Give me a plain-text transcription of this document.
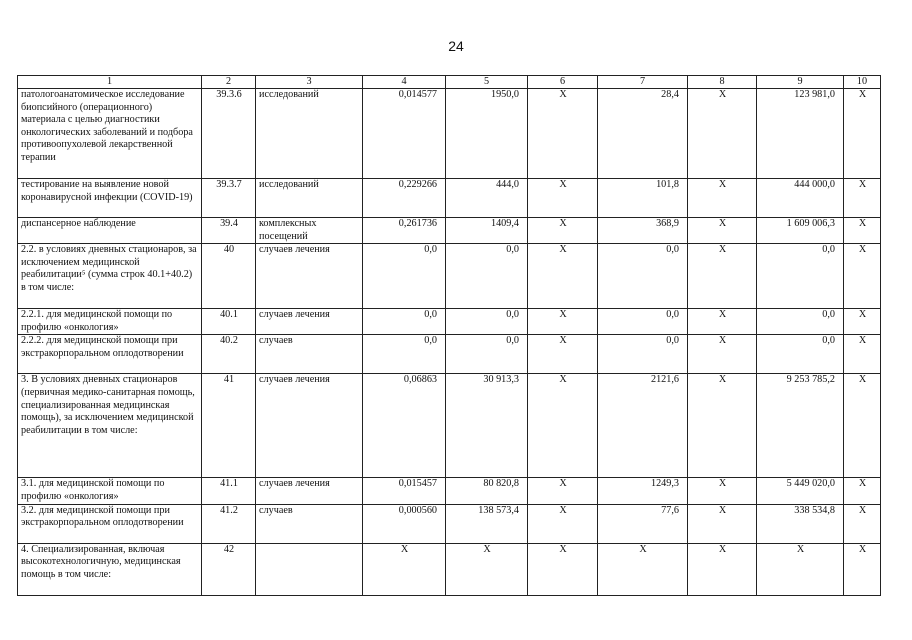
24
1	2	3	4	5	6	7	8	9	10
патологоанатомическое исследование биопсийного (операционного) материала с целью диагностики онкологических заболеваний и подбора противоопухолевой лекарственной терапии	39.3.6	исследований	0,014577	1950,0	X	28,4	X	123 981,0	X
тестирование на выявление новой коронавирусной инфекции (COVID-19)	39.3.7	исследований	0,229266	444,0	X	101,8	X	444 000,0	X
диспансерное наблюдение	39.4	комплексных посещений	0,261736	1409,4	X	368,9	X	1 609 006,3	X
2.2. в условиях дневных стационаров, за исключением медицинской реабилитации⁵ (сумма строк 40.1+40.2) в том числе:	40	случаев лечения	0,0	0,0	X	0,0	X	0,0	X
2.2.1. для медицинской помощи по профилю «онкология»	40.1	случаев лечения	0,0	0,0	X	0,0	X	0,0	X
2.2.2. для медицинской помощи при экстракорпоральном оплодотворении	40.2	случаев	0,0	0,0	X	0,0	X	0,0	X
3. В условиях дневных стационаров (первичная медико-санитарная помощь, специализированная медицинская помощь), за исключением медицинской реабилитации в том числе:	41	случаев лечения	0,06863	30 913,3	X	2121,6	X	9 253 785,2	X
3.1. для медицинской помощи по профилю «онкология»	41.1	случаев лечения	0,015457	80 820,8	X	1249,3	X	5 449 020,0	X
3.2. для медицинской помощи при экстракорпоральном оплодотворении	41.2	случаев	0,000560	138 573,4	X	77,6	X	338 534,8	X
4. Специализированная, включая высокотехнологичную, медицинская помощь в том числе:	42		X	X	X	X	X	X	X
